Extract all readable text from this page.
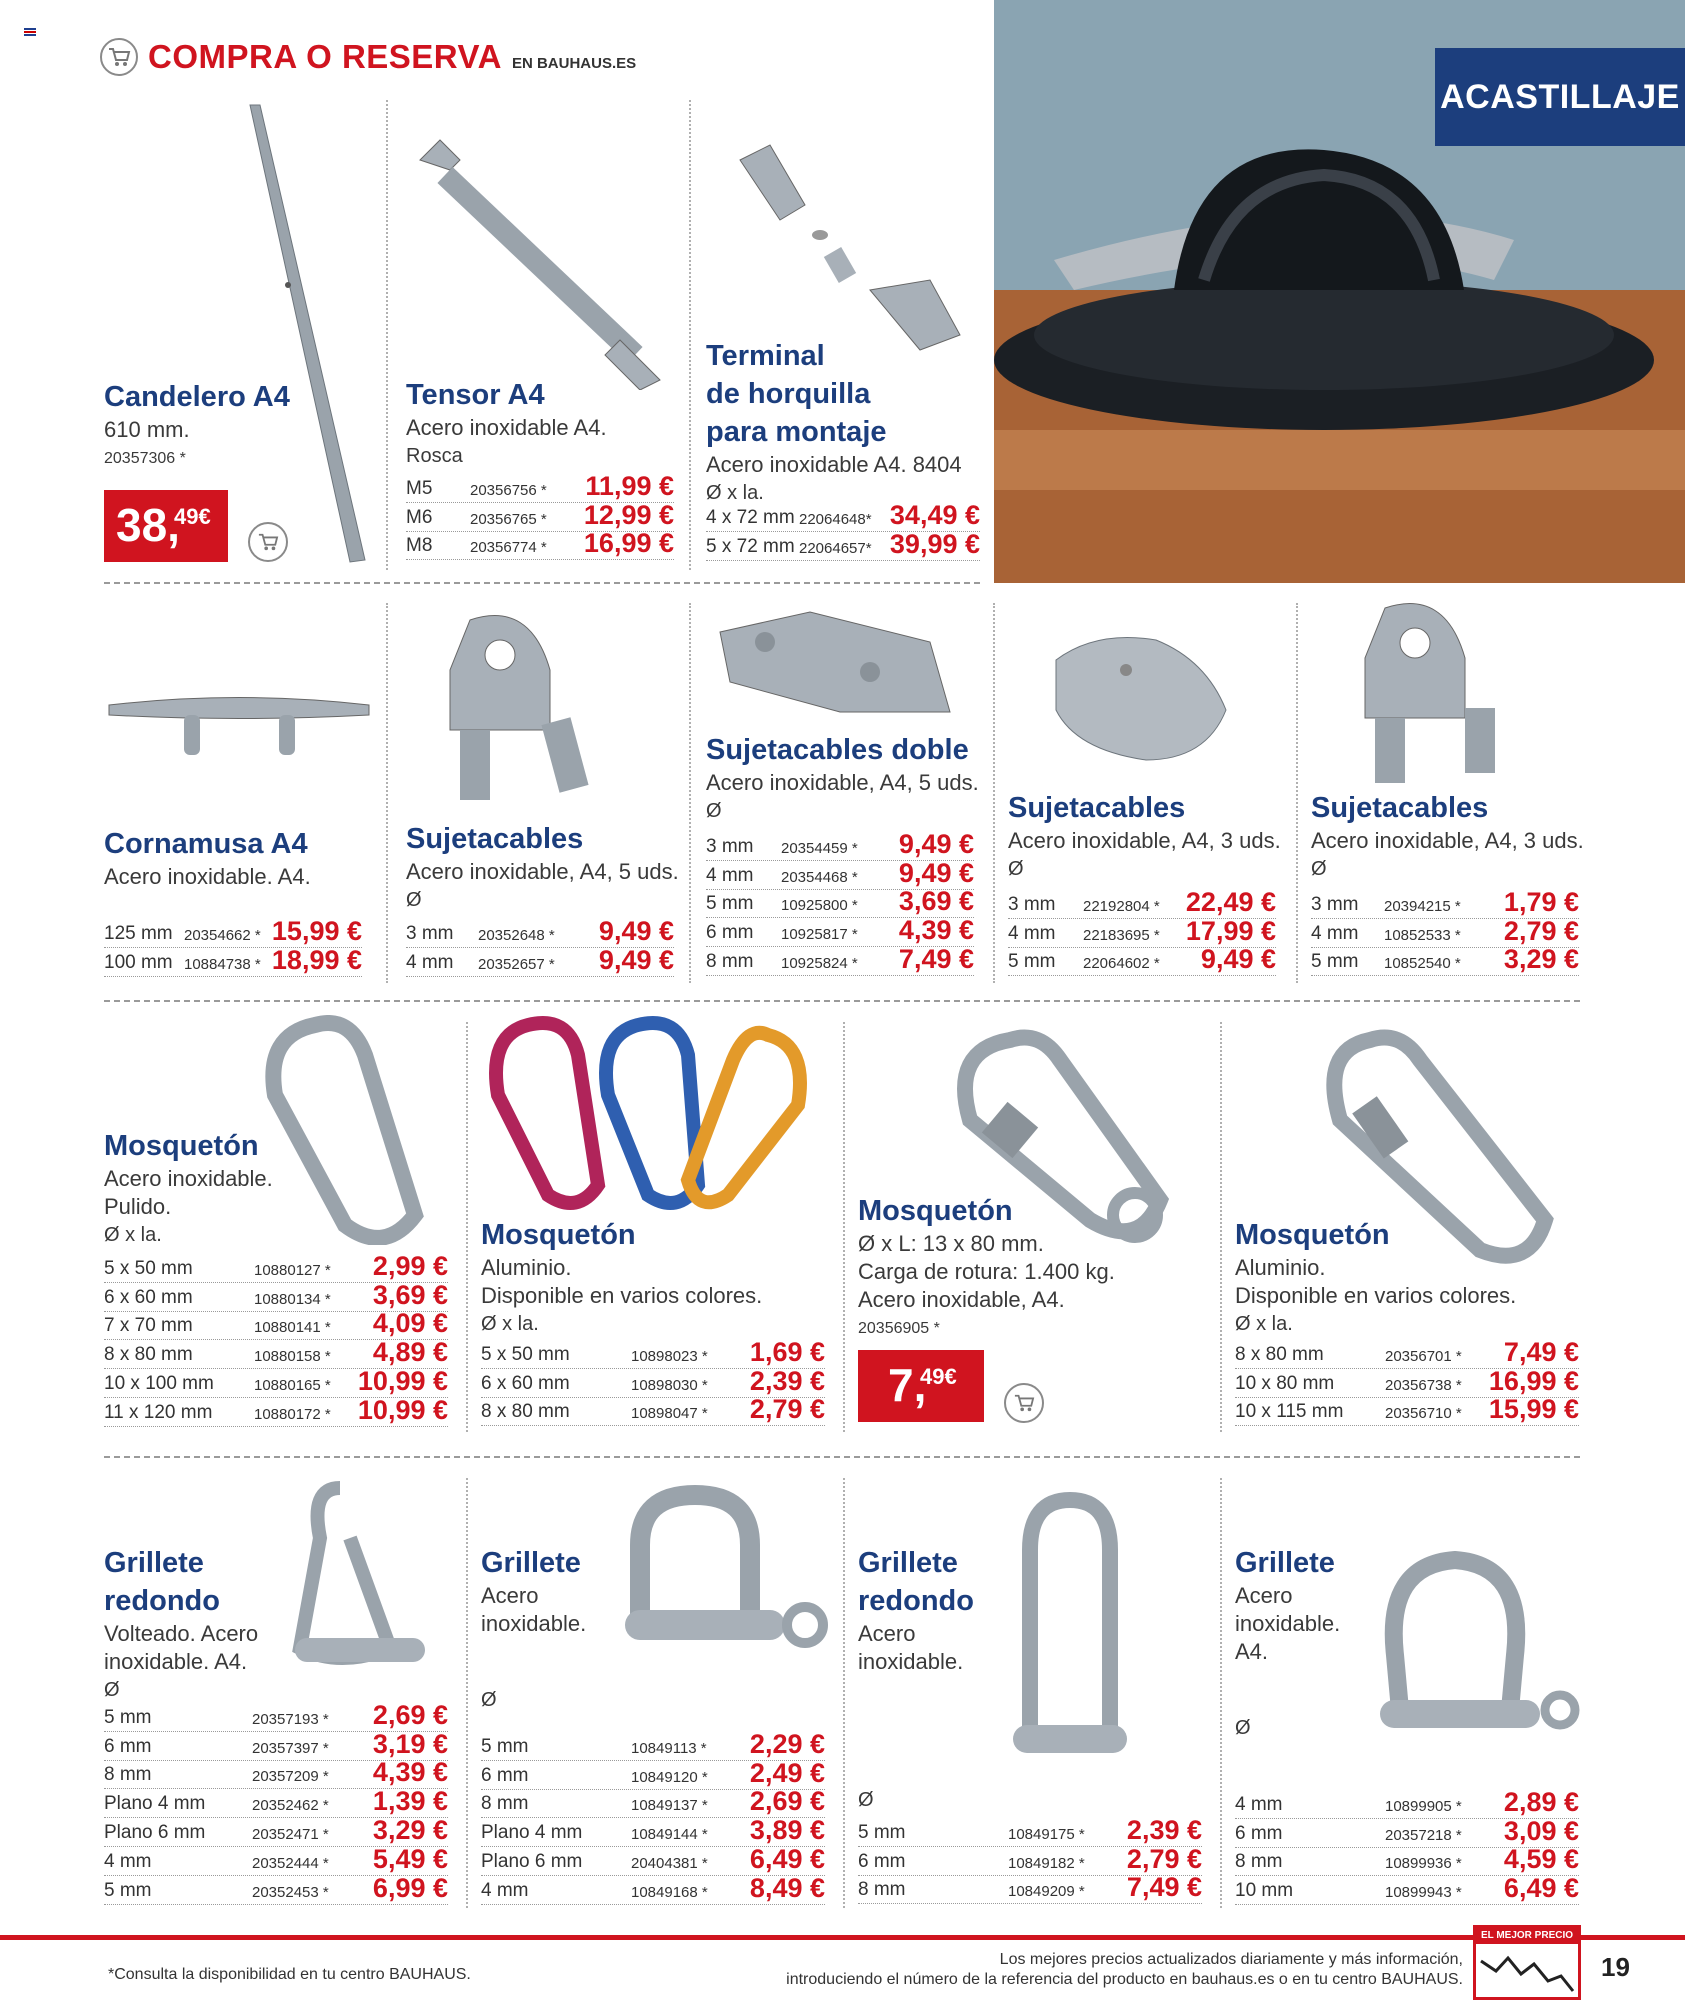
COMPRA O RESERVA EN BAUHAUS.ES
ACASTILLAJE
Candelero A4
610 mm.
20357306 *
38,
49€
Tensor A4
Acero inoxidable A4.
Rosca
M5	20356756 * 11,99 €
M6	20356765 * 12,99 €
M8	20356774 * 16,99 €
Terminal
de horquilla
para montaje
Acero inoxidable A4. 8404
Ø x la.
4 x 72 mm 22064648* 34,49 €
5 x 72 mm 22064657* 39,99 €
Cornamusa A4
Acero inoxidable. A4.
125 mm 20354662 * 15,99 €
100 mm 10884738 * 18,99 €
Sujetacables
Acero inoxidable, A4, 5 uds.
Ø
3 mm 20352648 * 9,49 €
4 mm 20352657 * 9,49 €
Sujetacables doble
Acero inoxidable, A4, 5 uds.
Ø
3 mm 20354459 * 9,49 €
4 mm 20354468 * 9,49 €
5 mm 10925800 * 3,69 €
6 mm 10925817 * 4,39 €
8 mm 10925824 * 7,49 €
Sujetacables
Acero inoxidable, A4, 3 uds.
Ø
3 mm 22192804 * 22,49 €
4 mm 22183695 * 17,99 €
5 mm 22064602 * 9,49 €
Sujetacables
Acero inoxidable, A4, 3 uds.
Ø
3 mm 20394215 * 1,79 €
4 mm 10852533 * 2,79 €
5 mm 10852540 * 3,29 €
Mosquetón
Acero inoxidable.
Pulido.
Ø x la.
5 x 50 mm	10880127 * 2,99 €
6 x 60 mm	10880134 * 3,69 €
7 x 70 mm	10880141 * 4,09 €
8 x 80 mm	10880158 * 4,89 €
10 x 100 mm	10880165 * 10,99 €
11 x 120 mm	10880172 * 10,99 €
Mosquetón
Aluminio.
Disponible en varios colores.
Ø x la.
5 x 50 mm	10898023 * 1,69 €
6 x 60 mm	10898030 * 2,39 €
8 x 80 mm	10898047 * 2,79 €
Mosquetón
Ø x L: 13 x 80 mm.
Carga de rotura: 1.400 kg.
Acero inoxidable, A4.
20356905 *
7,
49€
Mosquetón
Aluminio.
Disponible en varios colores.
Ø x la.
8 x 80 mm	20356701 * 7,49 €
10 x 80 mm	20356738 * 16,99 €
10 x 115 mm	20356710 * 15,99 €
Grillete
redondo
Volteado. Acero
inoxidable. A4.
Ø
5 mm	20357193 * 2,69 €
6 mm	20357397 * 3,19 €
8 mm	20357209 * 4,39 €
Plano 4 mm	20352462 * 1,39 €
Plano 6 mm	20352471 * 3,29 €
4 mm	20352444 * 5,49 €
5 mm	20352453 * 6,99 €
Grillete
Acero
inoxidable.
Ø
5 mm	10849113 * 2,29 €
6 mm	10849120 * 2,49 €
8 mm	10849137 * 2,69 €
Plano 4 mm	10849144 * 3,89 €
Plano 6 mm	20404381 * 6,49 €
4 mm	10849168 * 8,49 €
Grillete
redondo
Acero
inoxidable.
Ø
5 mm	10849175 * 2,39 €
6 mm	10849182 * 2,79 €
8 mm	10849209 * 7,49 €
Grillete
Acero
inoxidable.
A4.
Ø
4 mm	10899905 * 2,89 €
6 mm	20357218 * 3,09 €
8 mm	10899936 * 4,59 €
10 mm	10899943 * 6,49 €
*Consulta la disponibilidad en tu centro BAUHAUS.
Los mejores precios actualizados diariamente y más información,
introduciendo el número de la referencia del producto en bauhaus.es o en tu centro BAUHAUS.
EL MEJOR PRECIO
19
